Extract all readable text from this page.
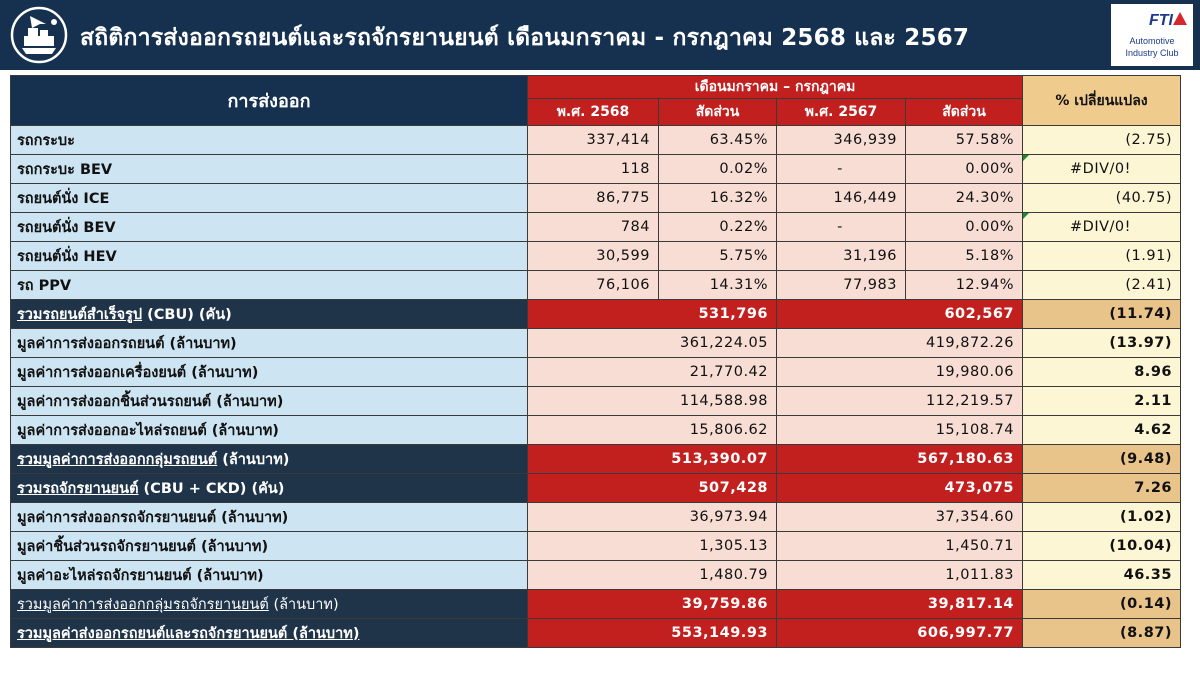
สถิติการส่งออกรถยนต์และรถจักรยานยนต์ เดือนมกราคม - กรกฎาคม 2568 และ 2567
FTI
Automotive
Industry Club
การส่งออก	เดือนมกราคม – กรกฎาคม				% เปลี่ยนแปลง
	พ.ศ. 2568	สัดส่วน	พ.ศ. 2567	สัดส่วน	
รถกระบะ	337,414	63.45%	346,939	57.58%	(2.75)
รถกระบะ BEV	118	0.02%	-	0.00%	#DIV/0!
รถยนต์นั่ง ICE	86,775	16.32%	146,449	24.30%	(40.75)
รถยนต์นั่ง BEV	784	0.22%	-	0.00%	#DIV/0!
รถยนต์นั่ง HEV	30,599	5.75%	31,196	5.18%	(1.91)
รถ PPV	76,106	14.31%	77,983	12.94%	(2.41)
รวมรถยนต์สำเร็จรูป (CBU) (คัน)	531,796		602,567		(11.74)
มูลค่าการส่งออกรถยนต์ (ล้านบาท)	361,224.05		419,872.26		(13.97)
มูลค่าการส่งออกเครื่องยนต์ (ล้านบาท)	21,770.42		19,980.06		8.96
มูลค่าการส่งออกชิ้นส่วนรถยนต์ (ล้านบาท)	114,588.98		112,219.57		2.11
มูลค่าการส่งออกอะไหล่รถยนต์ (ล้านบาท)	15,806.62		15,108.74		4.62
รวมมูลค่าการส่งออกกลุ่มรถยนต์ (ล้านบาท)	513,390.07		567,180.63		(9.48)
รวมรถจักรยานยนต์ (CBU + CKD) (คัน)	507,428		473,075		7.26
มูลค่าการส่งออกรถจักรยานยนต์ (ล้านบาท)	36,973.94		37,354.60		(1.02)
มูลค่าชิ้นส่วนรถจักรยานยนต์ (ล้านบาท)	1,305.13		1,450.71		(10.04)
มูลค่าอะไหล่รถจักรยานยนต์ (ล้านบาท)	1,480.79		1,011.83		46.35
รวมมูลค่าการส่งออกกลุ่มรถจักรยานยนต์ (ล้านบาท)	39,759.86		39,817.14		(0.14)
รวมมูลค่าส่งออกรถยนต์และรถจักรยานยนต์ (ล้านบาท)	553,149.93		606,997.77		(8.87)
